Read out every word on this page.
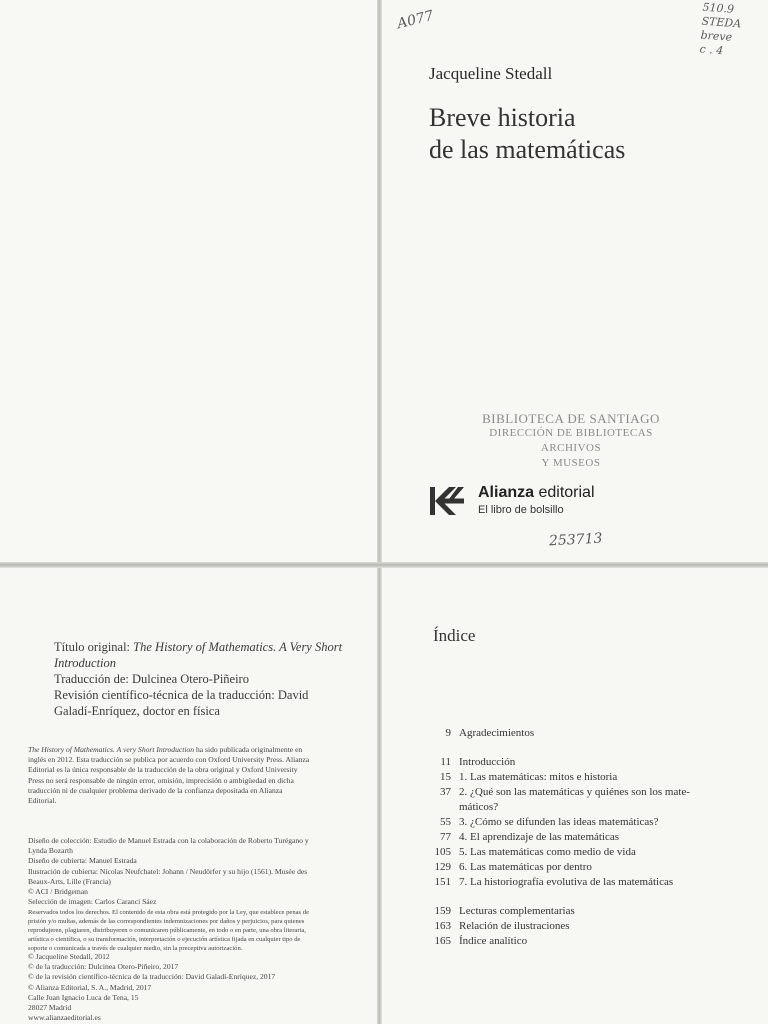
A077	510.9
STEDA
breve
c . 4
Jacqueline Stedall
Breve historia
de las matemáticas
BIBLIOTECA DE SANTIAGO
DIRECCIÓN DE BIBLIOTECAS ARCHIVOS
Y MUSEOS
Alianza editorial
El libro de bolsillo
253713
Título original: The History of Mathematics. A Very Short Introduction
Traducción de: Dulcinea Otero-Piñeiro
Revisión científico-técnica de la traducción: David Galadí-Enríquez, doctor en física
The History of Mathematics. A very Short Introduction ha sido publicada originalmente en inglés en 2012. Esta traducción se publica por acuerdo con Oxford University Press. Alianza Editorial es la única responsable de la traducción de la obra original y Oxford University Press no será responsable de ningún error, omisión, imprecisión o ambigüedad en dicha traducción ni de cualquier problema derivado de la confianza depositada en Alianza Editorial.
Diseño de colección: Estudio de Manuel Estrada con la colaboración de Roberto Turégano y Lynda Bozarth
Diseño de cubierta: Manuel Estrada
Ilustración de cubierta: Nicolas Neufchatel: Johann / Neudörfer y su hijo (1561). Musée des Beaux-Arts, Lille (Francia)
© ACI / Bridgeman
Selección de imagen: Carlos Caranci Sáez
Reservados todos los derechos. El contenido de esta obra está protegido por la Ley, que establece penas de prisión y/o multas, además de las correspondientes indemnizaciones por daños y perjuicios, para quienes reprodujeren, plagiaren, distribuyeren o comunicaren públicamente, en todo o en parte, una obra literaria, artística o científica, o su transformación, interpretación o ejecución artística fijada en cualquier tipo de soporte o comunicada a través de cualquier medio, sin la preceptiva autorización.
© Jacqueline Stedall, 2012
© de la traducción: Dulcinea Otero-Piñeiro, 2017
© de la revisión científico-técnica de la traducción: David Galadí-Enríquez, 2017
© Alianza Editorial, S. A., Madrid, 2017
Calle Juan Ignacio Luca de Tena, 15
28027 Madrid
www.alianzaeditorial.es
Índice
9 Agradecimientos
11 Introducción
15 1. Las matemáticas: mitos e historia
37 2. ¿Qué son las matemáticas y quiénes son los mate-
máticos?
55 3. ¿Cómo se difunden las ideas matemáticas?
77 4. El aprendizaje de las matemáticas
105 5. Las matemáticas como medio de vida
129 6. Las matemáticas por dentro
151 7. La historiografía evolutiva de las matemáticas
159 Lecturas complementarias
163 Relación de ilustraciones
165 Índice analítico
